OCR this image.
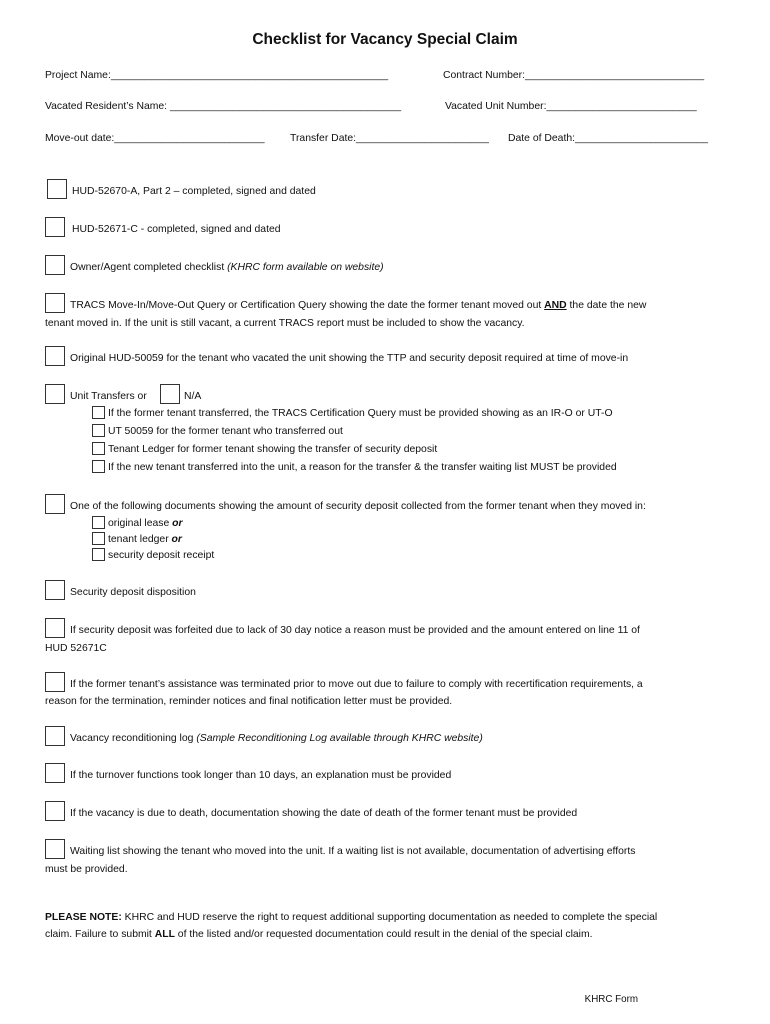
Checklist for Vacancy Special Claim
Project Name:________________________________________________	Contract Number:_______________________________
Vacated Resident’s Name: ________________________________________	Vacated Unit Number:__________________________
Move-out date:__________________________ Transfer Date:_______________________ Date of Death:_______________________
HUD-52670-A, Part 2 – completed, signed and dated
HUD-52671-C - completed, signed and dated
Owner/Agent completed checklist (KHRC form available on website)
TRACS Move-In/Move-Out Query or Certification Query showing the date the former tenant moved out AND the date the new
tenant moved in. If the unit is still vacant, a current TRACS report must be included to show the vacancy.
Original HUD-50059 for the tenant who vacated the unit showing the TTP and security deposit required at time of move-in
Unit Transfers or	N/A
If the former tenant transferred, the TRACS Certification Query must be provided showing as an IR-O or UT-O
UT 50059 for the former tenant who transferred out
Tenant Ledger for former tenant showing the transfer of security deposit
If the new tenant transferred into the unit, a reason for the transfer & the transfer waiting list MUST be provided
One of the following documents showing the amount of security deposit collected from the former tenant when they moved in:
original lease or
tenant ledger or
security deposit receipt
Security deposit disposition
If security deposit was forfeited due to lack of 30 day notice a reason must be provided and the amount entered on line 11 of
HUD 52671C
If the former tenant’s assistance was terminated prior to move out due to failure to comply with recertification requirements, a
reason for the termination, reminder notices and final notification letter must be provided.
Vacancy reconditioning log (Sample Reconditioning Log available through KHRC website)
If the turnover functions took longer than 10 days, an explanation must be provided
If the vacancy is due to death, documentation showing the date of death of the former tenant must be provided
Waiting list showing the tenant who moved into the unit. If a waiting list is not available, documentation of advertising efforts
must be provided.
PLEASE NOTE: KHRC and HUD reserve the right to request additional supporting documentation as needed to complete the special
claim. Failure to submit ALL of the listed and/or requested documentation could result in the denial of the special claim.
KHRC Form
